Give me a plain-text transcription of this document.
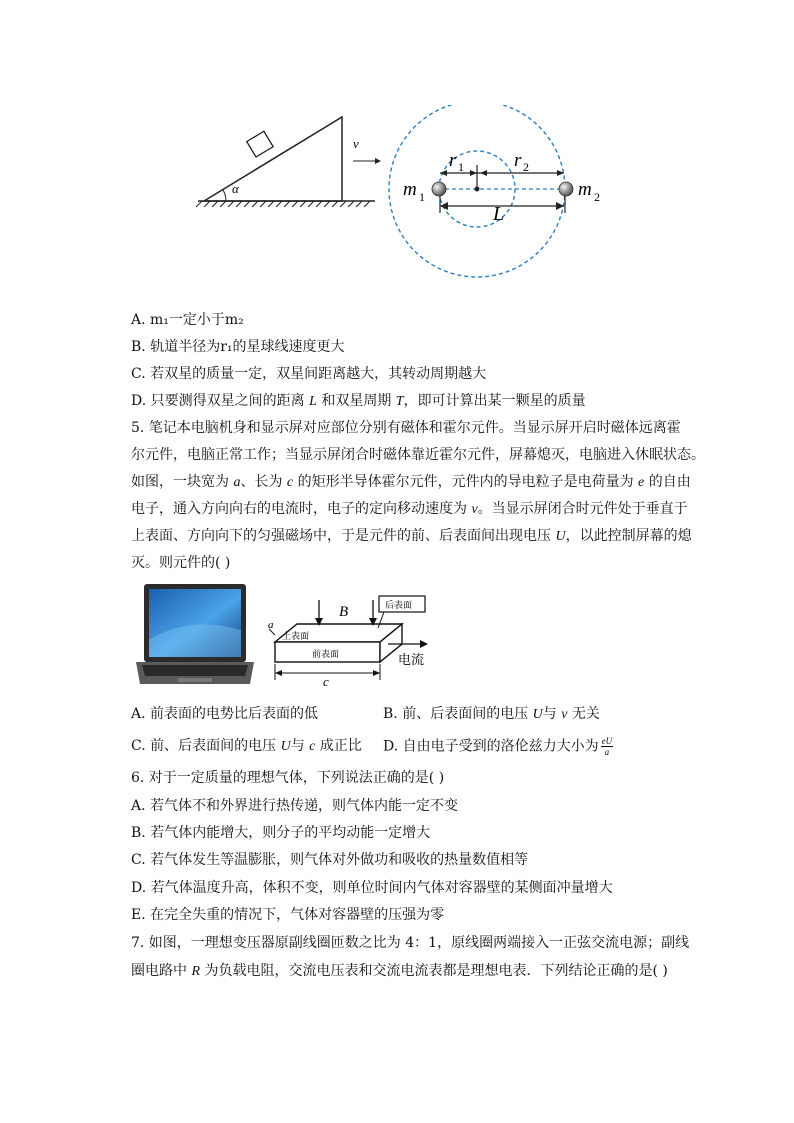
α
v
r 1	r 2
m 1	m 2
L
A. m₁一定小于m₂
B. 轨道半径为r₁的星球线速度更大
C. 若双星的质量一定，双星间距离越大，其转动周期越大
D. 只要测得双星之间的距离 L 和双星周期 T，即可计算出某一颗星的质量
5. 笔记本电脑机身和显示屏对应部位分别有磁体和霍尔元件。当显示屏开启时磁体远离霍
尔元件，电脑正常工作；当显示屏闭合时磁体靠近霍尔元件，屏幕熄灭，电脑进入休眠状态。
如图，一块宽为 a、长为 c 的矩形半导体霍尔元件，元件内的导电粒子是电荷量为 e 的自由
电子，通入方向向右的电流时，电子的定向移动速度为 v。当显示屏闭合时元件处于垂直于
上表面、方向向下的匀强磁场中，于是元件的前、后表面间出现电压 U，以此控制屏幕的熄
灭。则元件的( )
B	后表面
上表面
前表面
a
c
电流
A. 前表面的电势比后表面的低	B. 前、后表面间的电压 U与 v 无关
C. 前、后表面间的电压 U与 c 成正比 D. 自由电子受到的洛伦兹力大小为 $\frac{eU}{a}$
6. 对于一定质量的理想气体，下列说法正确的是( )
A. 若气体不和外界进行热传递，则气体内能一定不变
B. 若气体内能增大，则分子的平均动能一定增大
C. 若气体发生等温膨胀，则气体对外做功和吸收的热量数值相等
D. 若气体温度升高，体积不变，则单位时间内气体对容器壁的某侧面冲量增大
E. 在完全失重的情况下，气体对容器壁的压强为零
7. 如图，一理想变压器原副线圈匝数之比为 4：1，原线圈两端接入一正弦交流电源；副线
圈电路中 R 为负载电阻，交流电压表和交流电流表都是理想电表．下列结论正确的是( )
